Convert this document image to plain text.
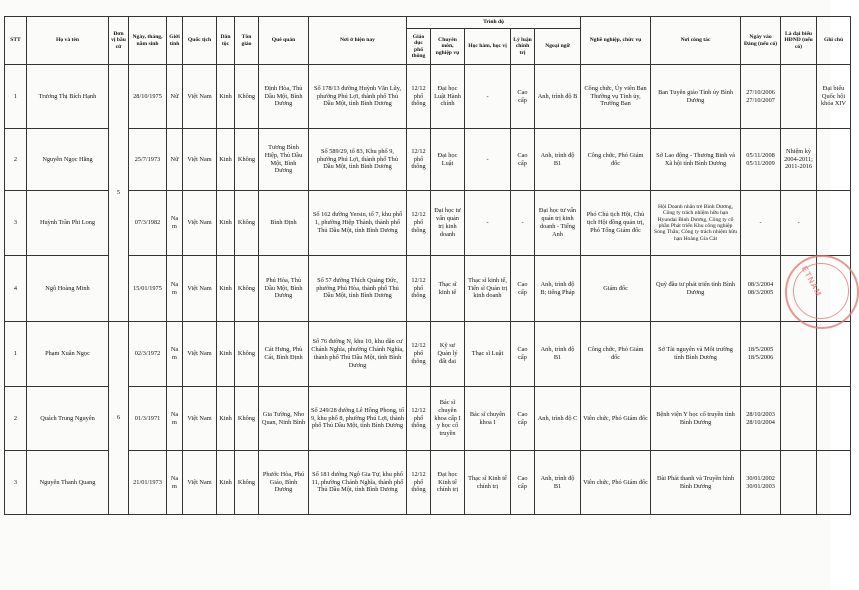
STT	Họ và tên	Đơn vị bầu cử	Ngày, tháng, năm sinh	Giới tính	Quốc tịch	Dân tộc	Tôn giáo	Quê quán	Nơi ở hiện nay	Trình độ					Nghề nghiệp, chức vụ	Nơi công tác	Ngày vào Đảng (nếu có)	Là đại biểu HĐND (nếu có)	Ghi chú
										Giáo dục phổ thông	Chuyên môn, nghiệp vụ	Học hàm, học vị	Lý luận chính trị	Ngoại ngữ					
1	Trương Thị Bích Hạnh	5	28/10/1975	Nữ	Việt Nam	Kinh	Không	Định Hòa, Thủ Dầu Một, Bình Dương	Số 178/13 đường Huỳnh Văn Lũy, phường Phú Lợi, thành phố Thủ Dầu Một, tỉnh Bình Dương	12/12 phổ thông	Đại học Luật Hành chính	-	Cao cấp	Anh, trình độ B	Công chức, Ủy viên Ban Thường vụ Tỉnh ủy, Trưởng Ban	Ban Tuyên giáo Tỉnh ủy Bình Dương	27/10/2006 27/10/2007		Đại biểu Quốc hội khóa XIV
2	Nguyễn Ngọc Hằng		25/7/1973	Nữ	Việt Nam	Kinh	Không	Tương Bình Hiệp, Thủ Dầu Một, Bình Dương	Số 589/29, tổ 83, Khu phố 9, phường Phú Lợi, thành phố Thủ Dầu Một, tỉnh Bình Dương	12/12 phổ thông	Đại học Luật	-	Cao cấp	Anh, trình độ B1	Công chức, Phó Giám đốc	Sở Lao động - Thương Binh và Xã hội tỉnh Bình Dương	05/11/2008 05/11/2009	Nhiệm kỳ 2004-2011; 2011-2016	
3	Huỳnh Trần Phi Long		07/3/1982	Nam	Việt Nam	Kinh	Không	Bình Định	Số 162 đường Yersin, tổ 7, khu phố 1, phường Hiệp Thành, thành phố Thủ Dầu Một, tỉnh Bình Dương	12/12 phổ thông	Đại học tư vấn quản trị kinh doanh	-	-	Đại học tư vấn quản trị kinh doanh - Tiếng Anh	Phó Chủ tịch Hội, Chủ tịch Hội đồng quản trị, Phó Tổng Giám đốc	Hội Doanh nhân trẻ Bình Dương, Công ty trách nhiệm hữu hạn Hyundai Bình Dương, Công ty cổ phần Phát triển Khu công nghiệp Sóng Thần; Công ty trách nhiệm hữu hạn Hoàng Gia Cát	-	-	
4	Ngô Hoàng Minh		15/01/1975	Nam	Việt Nam	Kinh	Không	Phú Hòa, Thủ Dầu Một, Bình Dương	Số 57 đường Thích Quảng Đức, phường Phú Hòa, thành phố Thủ Dầu Một, tỉnh Bình Dương	12/12 phổ thông	Thạc sĩ kinh tế	Thạc sĩ kinh tế, Tiến sĩ Quản trị kinh doanh	Cao cấp	Anh, trình độ B; tiếng Pháp	Giám đốc	Quỹ đầu tư phát triển tỉnh Bình Dương	08/3/2004 08/3/2005		
1	Phạm Xuân Ngọc	6	02/3/1972	Nam	Việt Nam	Kinh	Không	Cát Hưng, Phù Cát, Bình Định	Số 76 đường N, khu 10, khu dân cư Chánh Nghĩa, phường Chánh Nghĩa, thành phố Thủ Dầu Một, tỉnh Bình Dương	12/12 phổ thông	Kỹ sư Quản lý đất đai	Thạc sĩ Luật	Cao cấp	Anh, trình độ B1	Công chức, Phó Giám đốc	Sở Tài nguyên và Môi trường tỉnh Bình Dương	18/5/2005 18/5/2006		
2	Quách Trung Nguyên		01/3/1971	Nam	Việt Nam	Kinh	Không	Gia Tường, Nho Quan, Ninh Bình	Số 249/28 đường Lê Hồng Phong, tổ 9, khu phố 8, phường Phú Lợi, thành phố Thủ Dầu Một, tỉnh Bình Dương	12/12 phổ thông	Bác sĩ chuyên khoa cấp I y học cổ truyền	Bác sĩ chuyên khoa I	Cao cấp	Anh, trình độ C	Viên chức, Phó Giám đốc	Bệnh viện Y học cổ truyền tỉnh Bình Dương	28/10/2003 28/10/2004		
3	Nguyễn Thanh Quang		21/01/1973	Nam	Việt Nam	Kinh	Không	Phước Hòa, Phú Giáo, Bình Dương	Số 181 đường Ngô Gia Tự, khu phố 11, phường Chánh Nghĩa, thành phố Thủ Dầu Một, tỉnh Bình Dương	12/12 phổ thông	Đại học Kinh tế chính trị	Thạc sĩ Kinh tế chính trị	Cao cấp	Anh, trình độ B1	Viên chức, Phó Giám đốc	Đài Phát thanh và Truyền hình Bình Dương	30/01/2002 30/01/2003		
ETNAM
